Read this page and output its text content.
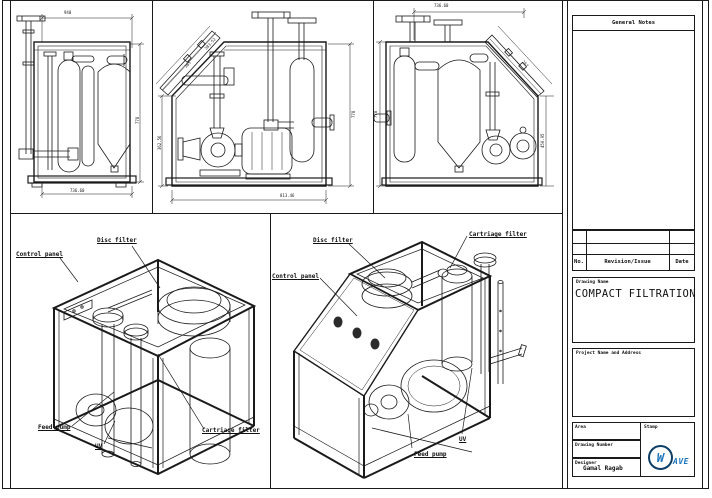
General Notes
No.	Revision/Issue	Date
Drawing Name
COMPACT FILTRATION
Project Name and Address
Area
Drawing Number
Designer
Gamal Ragab
Stamp
W AVE
940
778
736.60
383.52
265
362.56
778
813.46
736.60
778
262
450.95
Control panel
Disc filter
Feed pump
UV
Cartriage filter
Disc filter
Control panel
Cartriage filter
UV
Feed pump
